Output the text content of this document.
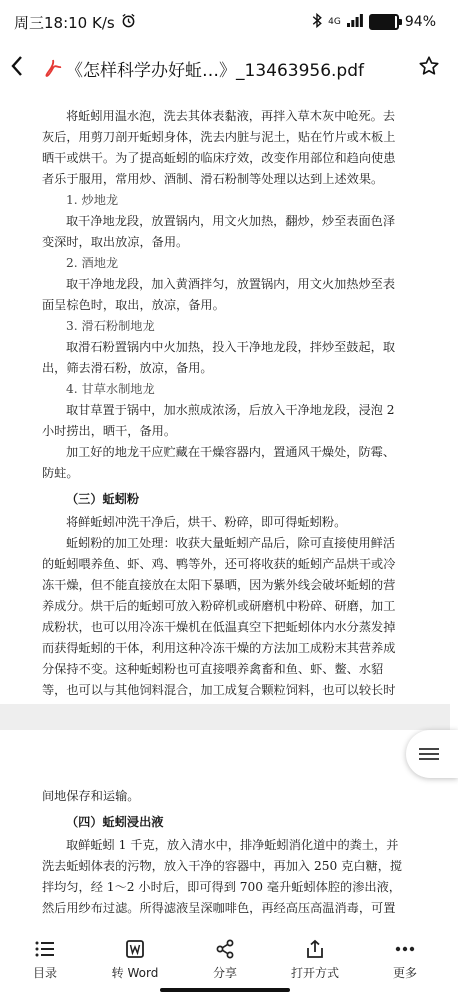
周三18:10 K/s	4G	94%
《怎样科学办好蚯…》_13463956.pdf

将蚯蚓用温水泡，洗去其体表黏液，再拌入草木灰中呛死。去

灰后，用剪刀剖开蚯蚓身体，洗去内脏与泥土，贴在竹片或木板上

晒干或烘干。为了提高蚯蚓的临床疗效，改变作用部位和趋向使患

者乐于服用，常用炒、酒制、滑石粉制等处理以达到上述效果。

1. 炒地龙

取干净地龙段，放置锅内，用文火加热，翻炒，炒至表面色泽

变深时，取出放凉，备用。

2. 酒地龙

取干净地龙段，加入黄酒拌匀，放置锅内，用文火加热炒至表

面呈棕色时，取出，放凉，备用。

3. 滑石粉制地龙

取滑石粉置锅内中火加热，投入干净地龙段，拌炒至鼓起，取

出，筛去滑石粉，放凉，备用。

4. 甘草水制地龙

取甘草置于锅中，加水煎成浓汤，后放入干净地龙段，浸泡 2

小时捞出，晒干，备用。

加工好的地龙干应贮藏在干燥容器内，置通风干燥处，防霉、

防蛀。

（三）蚯蚓粉

将鲜蚯蚓冲洗干净后，烘干、粉碎，即可得蚯蚓粉。

蚯蚓粉的加工处理：收获大量蚯蚓产品后，除可直接使用鲜活

的蚯蚓喂养鱼、虾、鸡、鸭等外，还可将收获的蚯蚓产品烘干或冷

冻干燥，但不能直接放在太阳下暴晒，因为紫外线会破坏蚯蚓的营

养成分。烘干后的蚯蚓可放入粉碎机或研磨机中粉碎、研磨，加工

成粉状，也可以用冷冻干燥机在低温真空下把蚯蚓体内水分蒸发掉

而获得蚯蚓的干体，利用这种冷冻干燥的方法加工成粉末其营养成

分保持不变。这种蚯蚓粉也可直接喂养禽畜和鱼、虾、鳖、水貂

等，也可以与其他饲料混合，加工成复合颗粒饲料，也可以较长时

间地保存和运输。

（四）蚯蚓浸出液

取鲜蚯蚓 1 千克，放入清水中，排净蚯蚓消化道中的粪土，并

洗去蚯蚓体表的污物，放入干净的容器中，再加入 250 克白糖，搅

拌均匀，经 1～2 小时后，即可得到 700 毫升蚯蚓体腔的渗出液，

然后用纱布过滤。所得滤液呈深咖啡色，再经高压高温消毒，可置

目录	转 Word	分享	打开方式	更多
